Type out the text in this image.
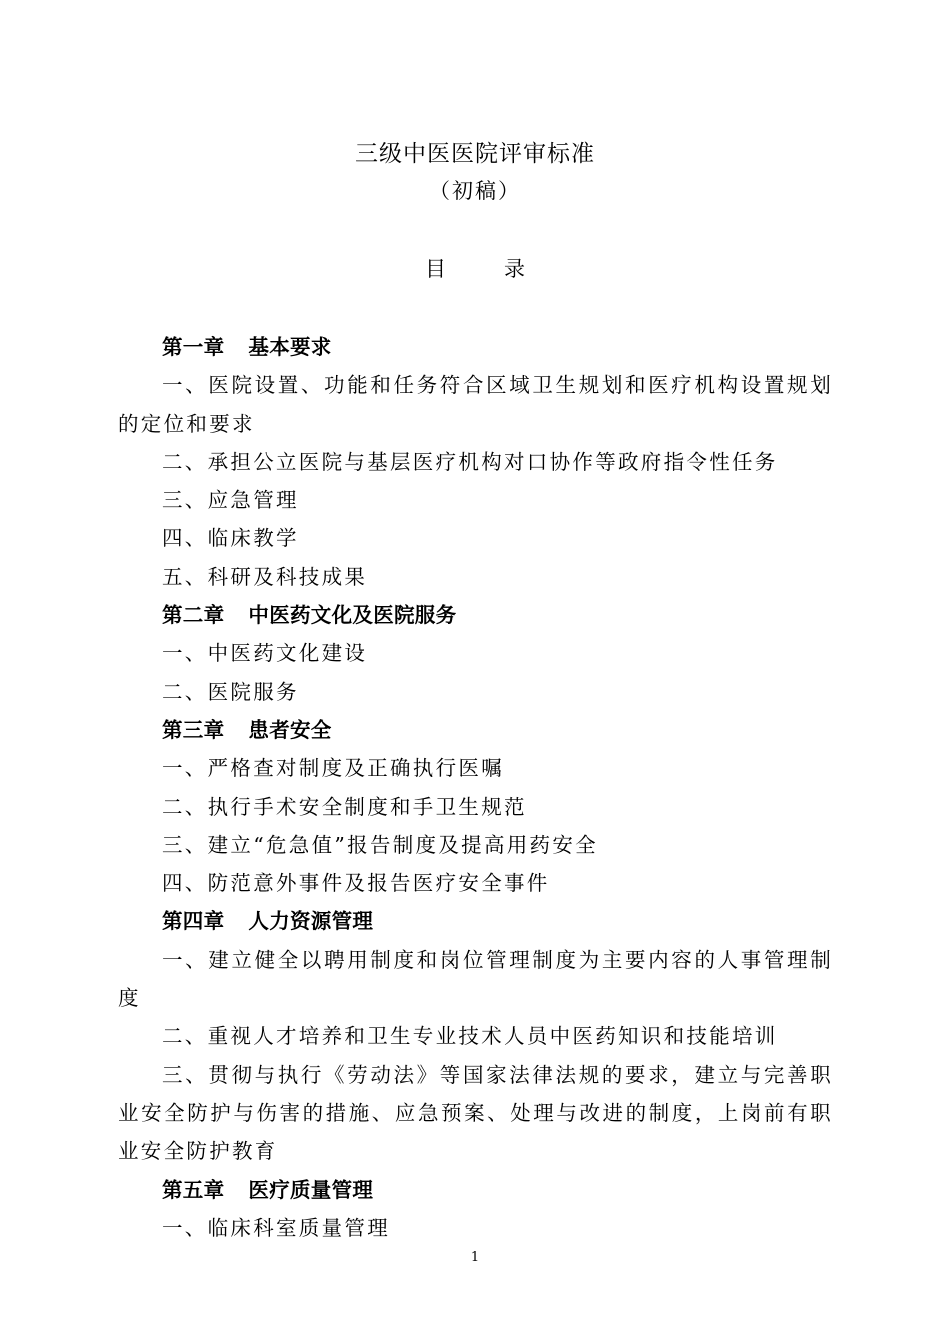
三级中医医院评审标准
（初稿）
目	录
第一章 基本要求
一、医院设置、功能和任务符合区域卫生规划和医疗机构设置规划的定位和要求
二、承担公立医院与基层医疗机构对口协作等政府指令性任务
三、应急管理
四、临床教学
五、科研及科技成果
第二章 中医药文化及医院服务
一、中医药文化建设
二、医院服务
第三章 患者安全
一、严格查对制度及正确执行医嘱
二、执行手术安全制度和手卫生规范
三、建立“危急值”报告制度及提高用药安全
四、防范意外事件及报告医疗安全事件
第四章 人力资源管理
一、建立健全以聘用制度和岗位管理制度为主要内容的人事管理制度
二、重视人才培养和卫生专业技术人员中医药知识和技能培训
三、贯彻与执行《劳动法》等国家法律法规的要求，建立与完善职业安全防护与伤害的措施、应急预案、处理与改进的制度，上岗前有职业安全防护教育
第五章 医疗质量管理
一、临床科室质量管理
1
